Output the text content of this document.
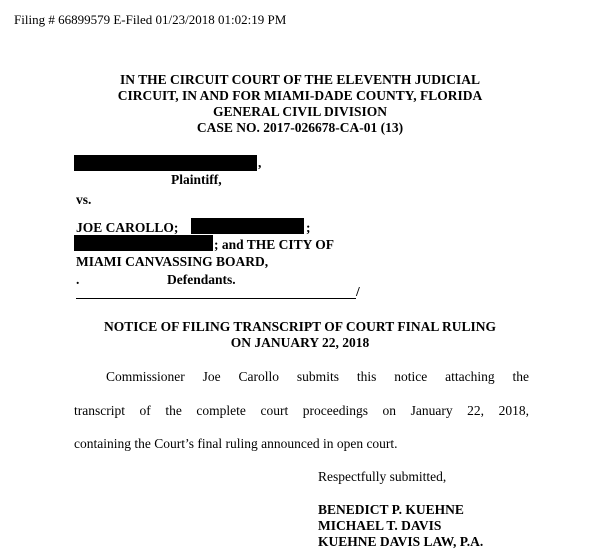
Filing # 66899579 E-Filed 01/23/2018 01:02:19 PM
IN THE CIRCUIT COURT OF THE ELEVENTH JUDICIAL
CIRCUIT, IN AND FOR MIAMI-DADE COUNTY, FLORIDA
GENERAL CIVIL DIVISION
CASE NO. 2017-026678-CA-01 (13)
,
Plaintiff,
vs.
JOE CAROLLO;	;
; and THE CITY OF
MIAMI CANVASSING BOARD,
.	Defendants.
/
NOTICE OF FILING TRANSCRIPT OF COURT FINAL RULING
ON JANUARY 22, 2018
Commissioner Joe Carollo submits this notice attaching the
transcript of the complete court proceedings on January 22, 2018,
containing the Court’s final ruling announced in open court.
Respectfully submitted,
BENEDICT P. KUEHNE
MICHAEL T. DAVIS
KUEHNE DAVIS LAW, P.A.
